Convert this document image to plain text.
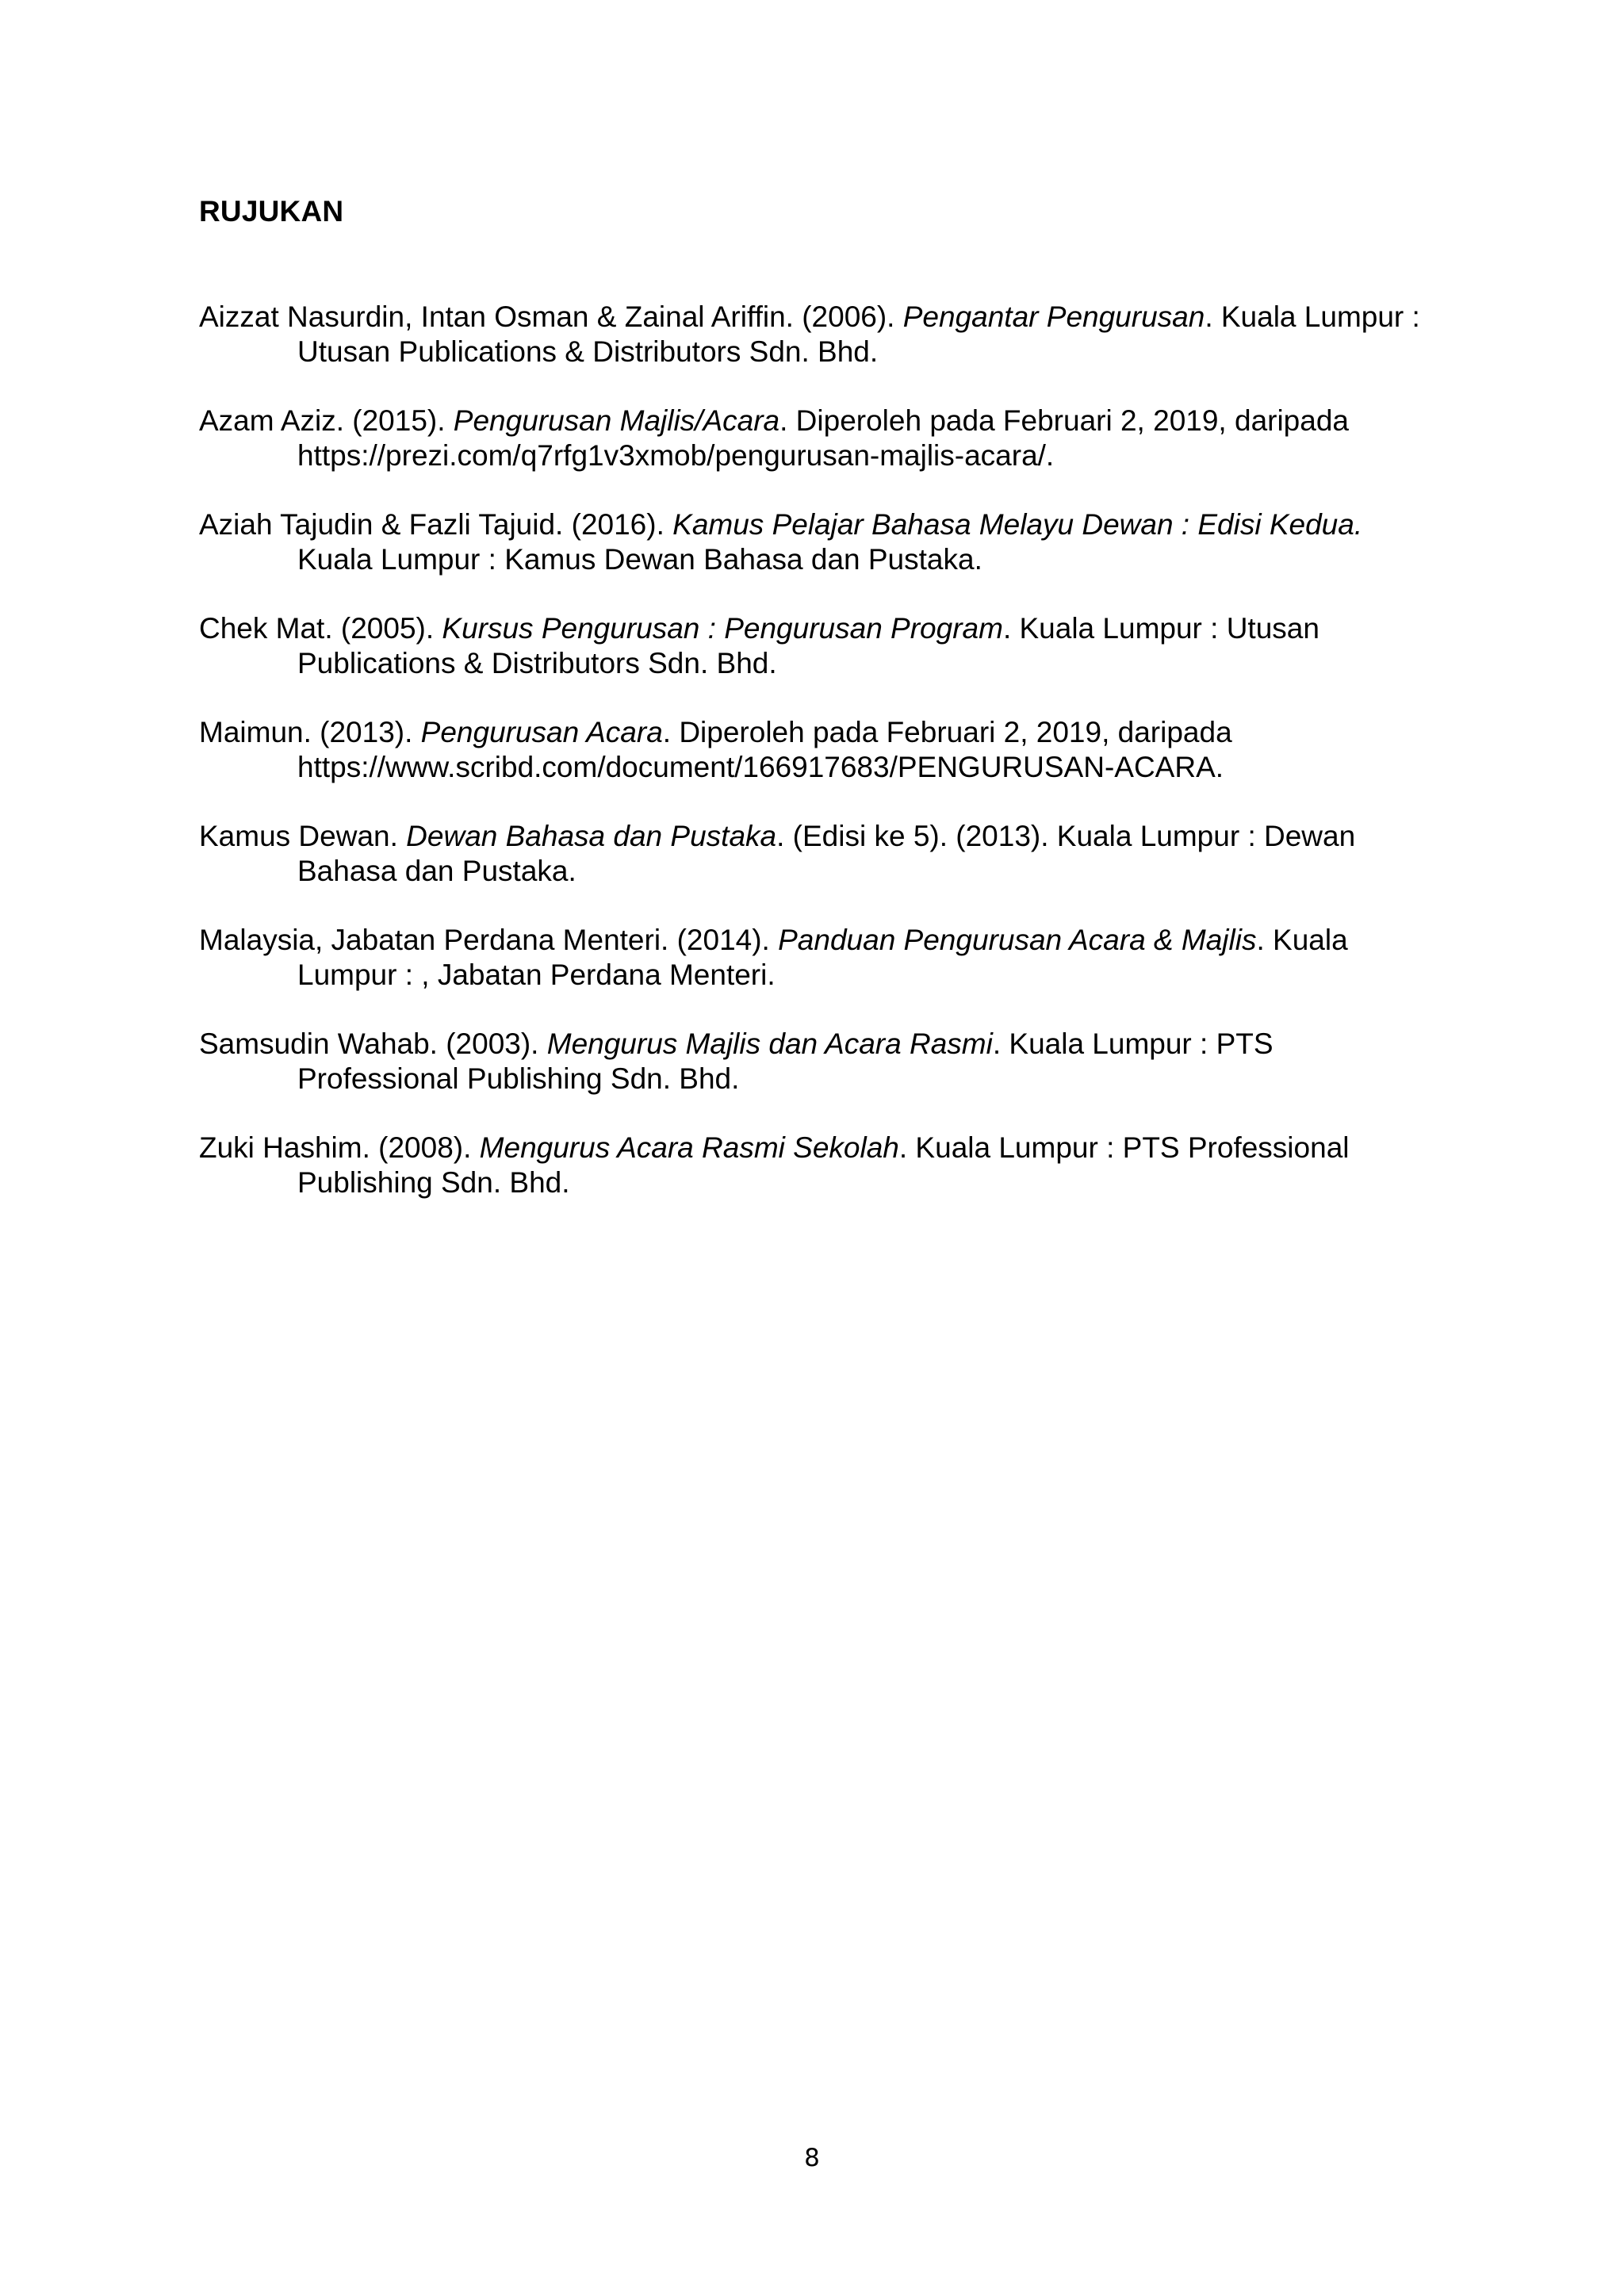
RUJUKAN
Aizzat Nasurdin, Intan Osman & Zainal Ariffin. (2006). Pengantar Pengurusan. Kuala Lumpur : Utusan Publications & Distributors Sdn. Bhd.
Azam Aziz. (2015). Pengurusan Majlis/Acara. Diperoleh pada Februari 2, 2019, daripada https://prezi.com/q7rfg1v3xmob/pengurusan-majlis-acara/.
Aziah Tajudin & Fazli Tajuid. (2016). Kamus Pelajar Bahasa Melayu Dewan : Edisi Kedua. Kuala Lumpur : Kamus Dewan Bahasa dan Pustaka.
Chek Mat. (2005). Kursus Pengurusan : Pengurusan Program. Kuala Lumpur : Utusan Publications & Distributors Sdn. Bhd.
Maimun. (2013). Pengurusan Acara. Diperoleh pada Februari 2, 2019, daripada https://www.scribd.com/document/166917683/PENGURUSAN-ACARA.
Kamus Dewan. Dewan Bahasa dan Pustaka. (Edisi ke 5). (2013). Kuala Lumpur : Dewan Bahasa dan Pustaka.
Malaysia, Jabatan Perdana Menteri. (2014). Panduan Pengurusan Acara & Majlis. Kuala Lumpur : , Jabatan Perdana Menteri.
Samsudin Wahab. (2003). Mengurus Majlis dan Acara Rasmi. Kuala Lumpur : PTS Professional Publishing Sdn. Bhd.
Zuki Hashim. (2008). Mengurus Acara Rasmi Sekolah. Kuala Lumpur : PTS Professional Publishing Sdn. Bhd.

8
